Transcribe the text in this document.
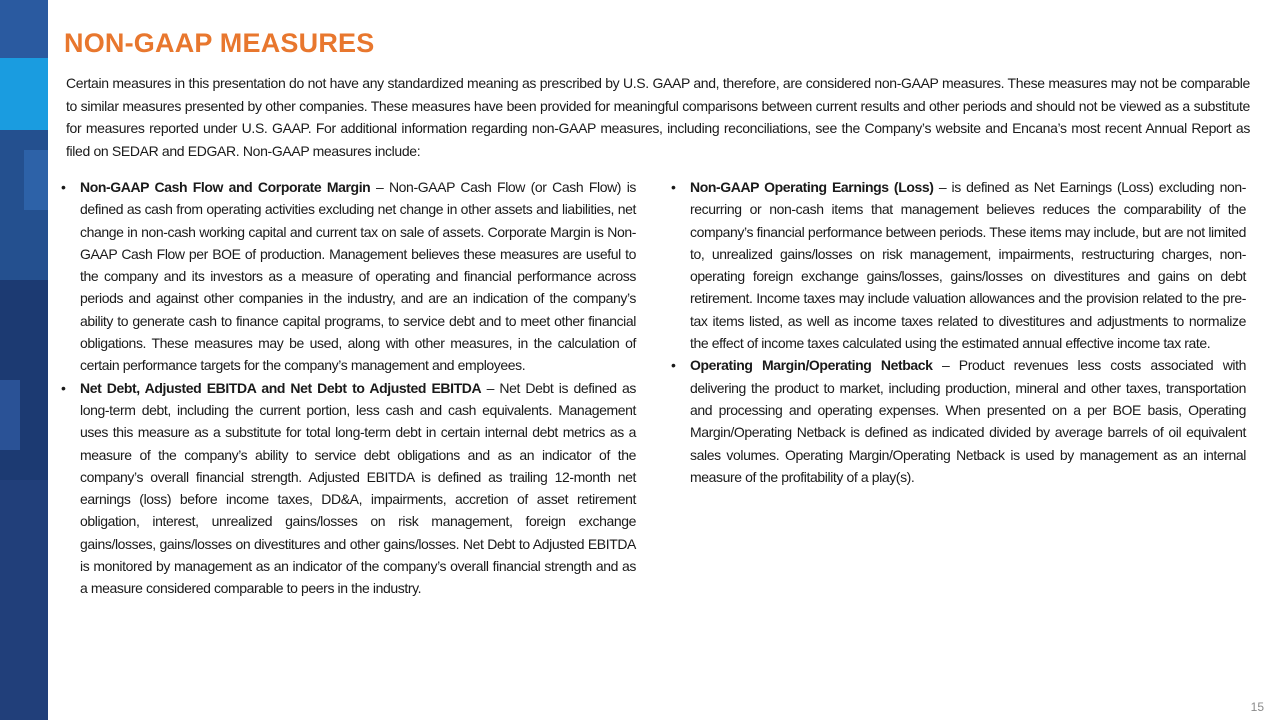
NON-GAAP MEASURES

Certain measures in this presentation do not have any standardized meaning as prescribed by U.S. GAAP and, therefore, are considered non-GAAP measures. These measures may not be comparable to similar measures presented by other companies. These measures have been provided for meaningful comparisons between current results and other periods and should not be viewed as a substitute for measures reported under U.S. GAAP. For additional information regarding non-GAAP measures, including reconciliations, see the Company’s website and Encana’s most recent Annual Report as filed on SEDAR and EDGAR. Non-GAAP measures include:

• Non-GAAP Cash Flow and Corporate Margin – Non-GAAP Cash Flow (or Cash Flow) is defined as cash from operating activities excluding net change in other assets and liabilities, net change in non-cash working capital and current tax on sale of assets. Corporate Margin is Non-GAAP Cash Flow per BOE of production. Management believes these measures are useful to the company and its investors as a measure of operating and financial performance across periods and against other companies in the industry, and are an indication of the company’s ability to generate cash to finance capital programs, to service debt and to meet other financial obligations. These measures may be used, along with other measures, in the calculation of certain performance targets for the company’s management and employees.
• Net Debt, Adjusted EBITDA and Net Debt to Adjusted EBITDA – Net Debt is defined as long-term debt, including the current portion, less cash and cash equivalents. Management uses this measure as a substitute for total long-term debt in certain internal debt metrics as a measure of the company’s ability to service debt obligations and as an indicator of the company’s overall financial strength. Adjusted EBITDA is defined as trailing 12-month net earnings (loss) before income taxes, DD&A, impairments, accretion of asset retirement obligation, interest, unrealized gains/losses on risk management, foreign exchange gains/losses, gains/losses on divestitures and other gains/losses. Net Debt to Adjusted EBITDA is monitored by management as an indicator of the company’s overall financial strength and as a measure considered comparable to peers in the industry.
• Non-GAAP Operating Earnings (Loss) – is defined as Net Earnings (Loss) excluding non-recurring or non-cash items that management believes reduces the comparability of the company’s financial performance between periods. These items may include, but are not limited to, unrealized gains/losses on risk management, impairments, restructuring charges, non-operating foreign exchange gains/losses, gains/losses on divestitures and gains on debt retirement. Income taxes may include valuation allowances and the provision related to the pre-tax items listed, as well as income taxes related to divestitures and adjustments to normalize the effect of income taxes calculated using the estimated annual effective income tax rate.
• Operating Margin/Operating Netback – Product revenues less costs associated with delivering the product to market, including production, mineral and other taxes, transportation and processing and operating expenses. When presented on a per BOE basis, Operating Margin/Operating Netback is defined as indicated divided by average barrels of oil equivalent sales volumes. Operating Margin/Operating Netback is used by management as an internal measure of the profitability of a play(s).
15
